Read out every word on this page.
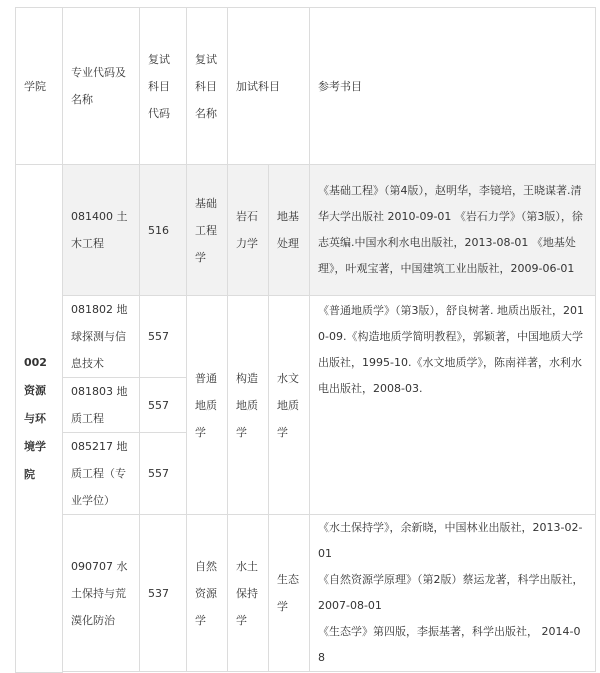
学院	专业代码及名称	复试科目代码	复试科目名称	加试科目		参考书目
002 资源与环境学院	081400 土木工程	516	基础工程学	岩石力学	地基处理	《基础工程》（第4版），赵明华，李镜培，王晓谋著.清华大学出版社 2010-09-01 《岩石力学》（第3版），徐志英编.中国水利水电出版社，2013-08-01 《地基处理》，叶观宝著，中国建筑工业出版社，2009-06-01
	081802 地球探测与信息技术	557	普通地质学	构造地质学	水文地质学	《普通地质学》（第3版），舒良树著. 地质出版社，2010-09.《构造地质学简明教程》，郭颖著，中国地质大学出版社，1995-10.《水文地质学》，陈南祥著，水利水电出版社，2008-03.
	081803 地质工程	557				
	085217 地质工程（专业学位）	557				
	090707 水土保持与荒漠化防治	537	自然资源学	水土保持学	生态学	《水土保持学》，余新晓，中国林业出版社，2013-02-01
《自然资源学原理》（第2版）蔡运龙著，科学出版社，2007-08-01
《生态学》第四版，李振基著，科学出版社， 2014-08
